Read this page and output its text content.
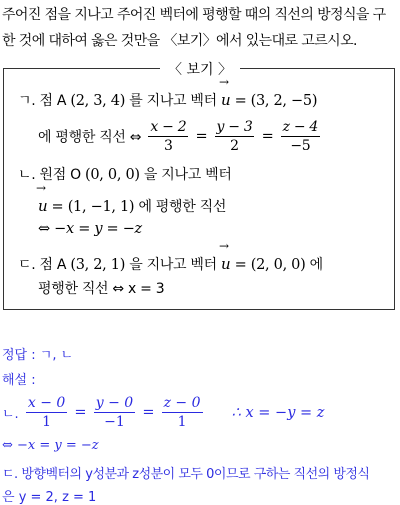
주어진 점을 지나고 주어진 벡터에 평행할 때의 직선의 방정식을 구
한 것에 대하여 옳은 것만을 〈보기〉에서 있는대로 고르시오.
〈 보기 〉
ㄱ. 점 A (2, 3, 4) 를 지나고 벡터 → u = (3, 2, −5)
에 평행한 직선 ⇔ $\frac{x - 2}{3} = \frac{y - 3}{2} = \frac{z - 4}{-5}$
ㄴ. 원점 O (0, 0, 0) 을 지나고 벡터
→ u = (1, −1, 1) 에 평행한 직선
⇔ −x = y = −z
ㄷ. 점 A (3, 2, 1) 을 지나고 벡터 → u = (2, 0, 0) 에
평행한 직선 ⇔ x = 3
정답 : ㄱ, ㄴ
해설 :
ㄴ. $\frac{x - 0}{1} = \frac{y - 0}{-1} = \frac{z - 0}{1}$ ∴ x = −y = z
⇔ −x = y = −z
ㄷ. 방향벡터의 y성분과 z성분이 모두 0이므로 구하는 직선의 방정식
은 y = 2, z = 1
